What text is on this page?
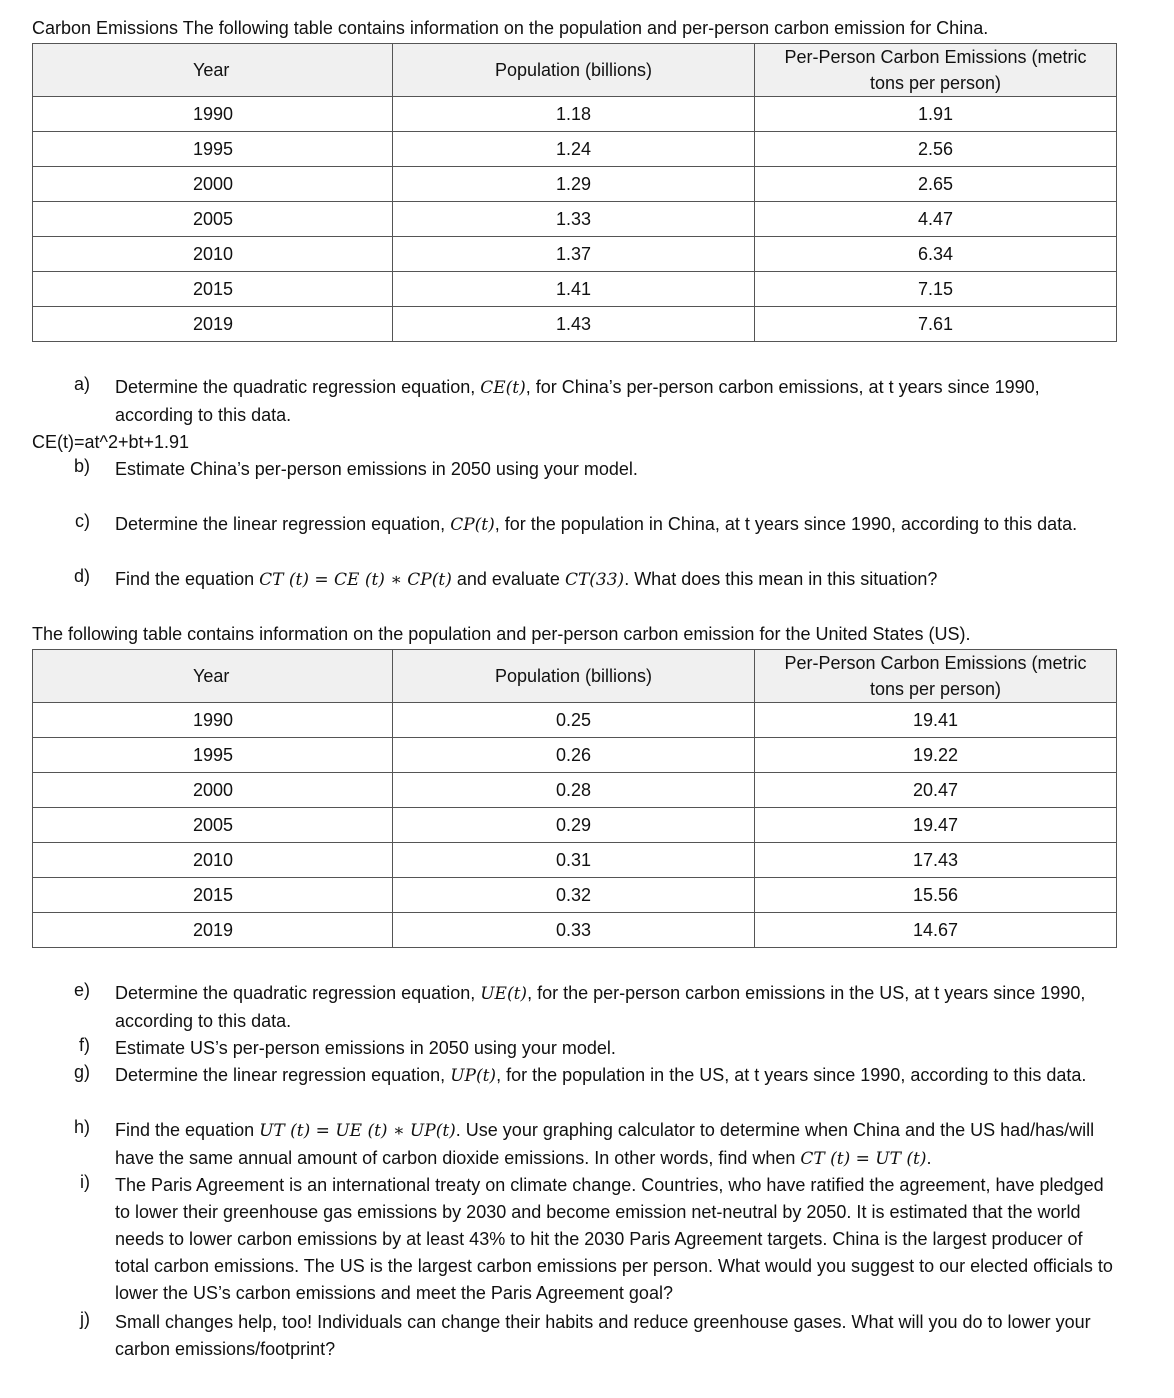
Carbon Emissions The following table contains information on the population and per-person carbon emission for China.
Year	Population (billions)	Per-Person Carbon Emissions (metric
tons per person)
1990	1.18	1.91
1995	1.24	2.56
2000	1.29	2.65
2005	1.33	4.47
2010	1.37	6.34
2015	1.41	7.15
2019	1.43	7.61
a) Determine the quadratic regression equation, CE(t), for China’s per-person carbon emissions, at t years since 1990, according to this data.
CE(t)=at^2+bt+1.91
b) Estimate China’s per-person emissions in 2050 using your model.
c) Determine the linear regression equation, CP(t), for the population in China, at t years since 1990, according to this data.
d) Find the equation CT (t) = CE (t) ∗ CP(t) and evaluate CT(33). What does this mean in this situation?
The following table contains information on the population and per-person carbon emission for the United States (US).
Year	Population (billions)	Per-Person Carbon Emissions (metric
tons per person)
1990	0.25	19.41
1995	0.26	19.22
2000	0.28	20.47
2005	0.29	19.47
2010	0.31	17.43
2015	0.32	15.56
2019	0.33	14.67
e) Determine the quadratic regression equation, UE(t), for the per-person carbon emissions in the US, at t years since 1990, according to this data.
f) Estimate US’s per-person emissions in 2050 using your model.
g) Determine the linear regression equation, UP(t), for the population in the US, at t years since 1990, according to this data.
h) Find the equation UT (t) = UE (t) ∗ UP(t). Use your graphing calculator to determine when China and the US had/has/will have the same annual amount of carbon dioxide emissions. In other words, find when CT (t) = UT (t).
i) The Paris Agreement is an international treaty on climate change. Countries, who have ratified the agreement, have pledged to lower their greenhouse gas emissions by 2030 and become emission net-neutral by 2050. It is estimated that the world needs to lower carbon emissions by at least 43% to hit the 2030 Paris Agreement targets. China is the largest producer of total carbon emissions. The US is the largest carbon emissions per person. What would you suggest to our elected officials to lower the US’s carbon emissions and meet the Paris Agreement goal?
j) Small changes help, too! Individuals can change their habits and reduce greenhouse gases. What will you do to lower your carbon emissions/footprint?
